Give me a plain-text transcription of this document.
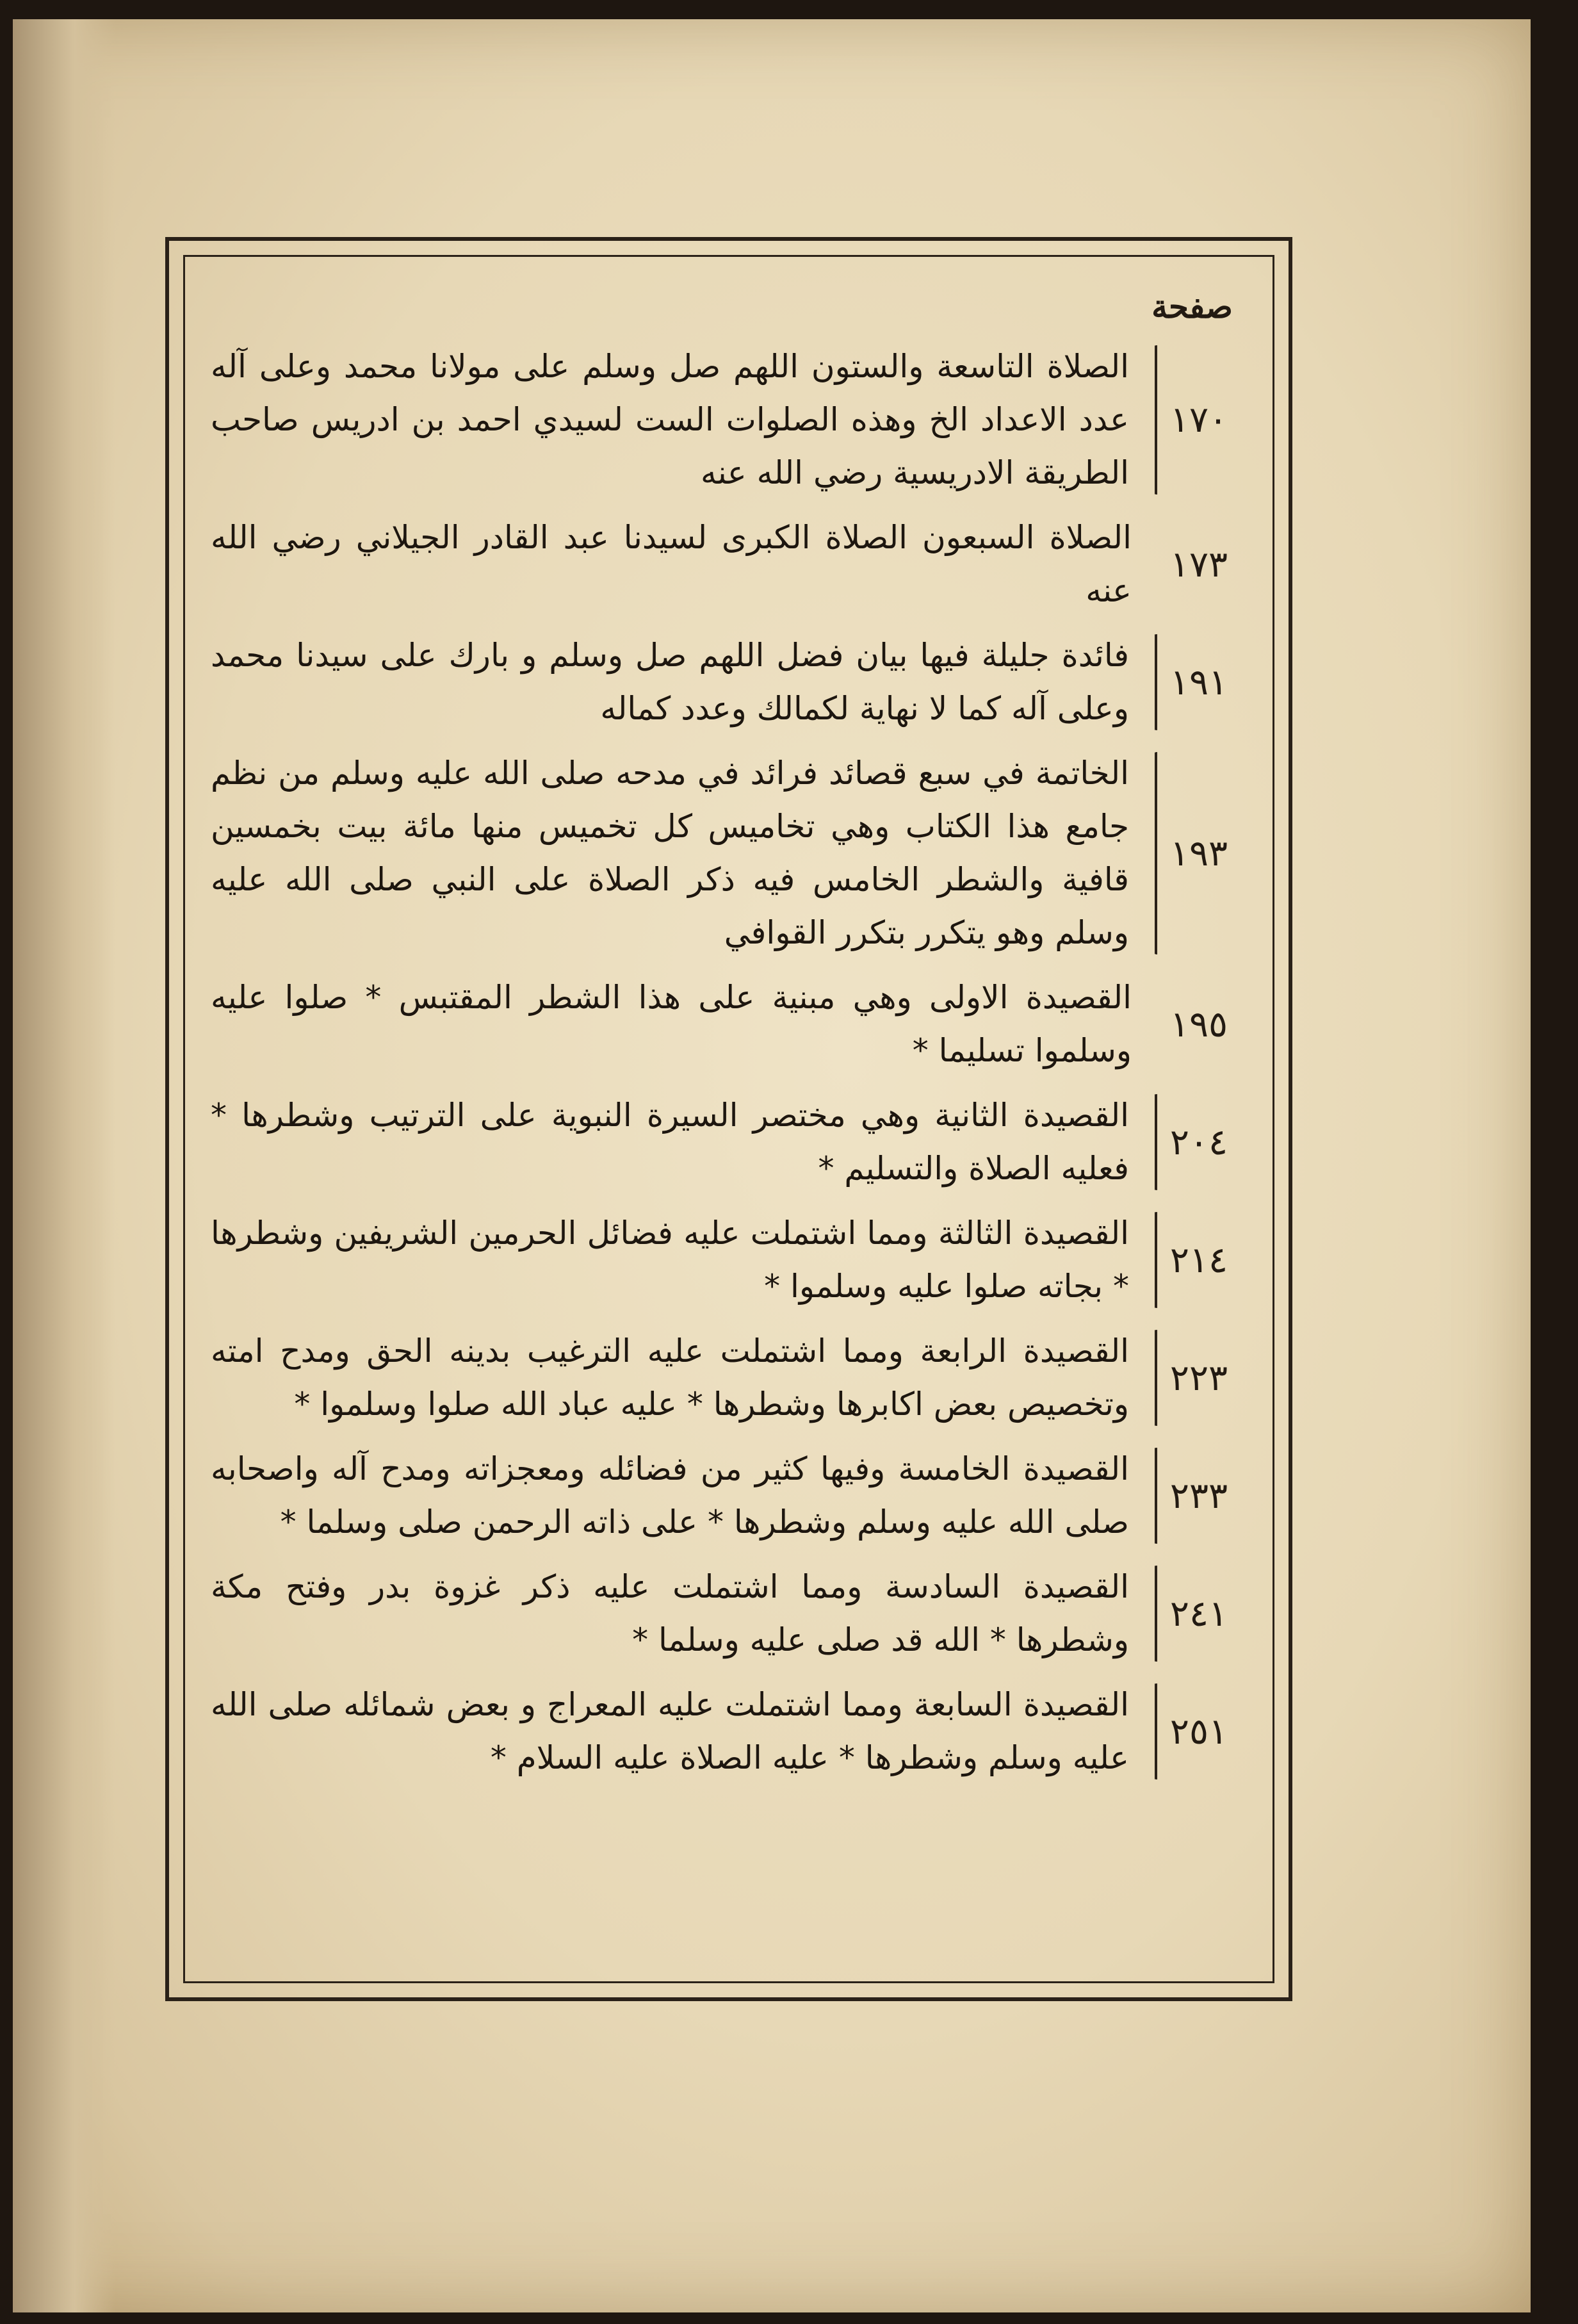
صفحة
١٧٠
الصلاة التاسعة والستون اللهم صل وسلم على مولانا محمد وعلى آله عدد الاعداد الخ وهذه الصلوات الست لسيدي احمد بن ادريس صاحب الطريقة الادريسية رضي الله عنه
١٧٣
الصلاة السبعون الصلاة الكبرى لسيدنا عبد القادر الجيلاني رضي الله عنه
١٩١
فائدة جليلة فيها بيان فضل اللهم صل وسلم و بارك على سيدنا محمد وعلى آله كما لا نهاية لكمالك وعدد كماله
١٩٣
الخاتمة في سبع قصائد فرائد في مدحه صلى الله عليه وسلم من نظم جامع هذا الكتاب وهي تخاميس كل تخميس منها مائة بيت بخمسين قافية والشطر الخامس فيه ذكر الصلاة على النبي صلى الله عليه وسلم وهو يتكرر بتكرر القوافي
١٩٥
القصيدة الاولى وهي مبنية على هذا الشطر المقتبس * صلوا عليه وسلموا تسليما *
٢٠٤
القصيدة الثانية وهي مختصر السيرة النبوية على الترتيب وشطرها * فعليه الصلاة والتسليم *
٢١٤
القصيدة الثالثة ومما اشتملت عليه فضائل الحرمين الشريفين وشطرها * بجاته صلوا عليه وسلموا *
٢٢٣
القصيدة الرابعة ومما اشتملت عليه الترغيب بدينه الحق ومدح امته وتخصيص بعض اكابرها وشطرها * عليه عباد الله صلوا وسلموا *
٢٣٣
القصيدة الخامسة وفيها كثير من فضائله ومعجزاته ومدح آله واصحابه صلى الله عليه وسلم وشطرها * على ذاته الرحمن صلى وسلما *
٢٤١
القصيدة السادسة ومما اشتملت عليه ذكر غزوة بدر وفتح مكة وشطرها * الله قد صلى عليه وسلما *
٢٥١
القصيدة السابعة ومما اشتملت عليه المعراج و بعض شمائله صلى الله عليه وسلم وشطرها * عليه الصلاة عليه السلام *
